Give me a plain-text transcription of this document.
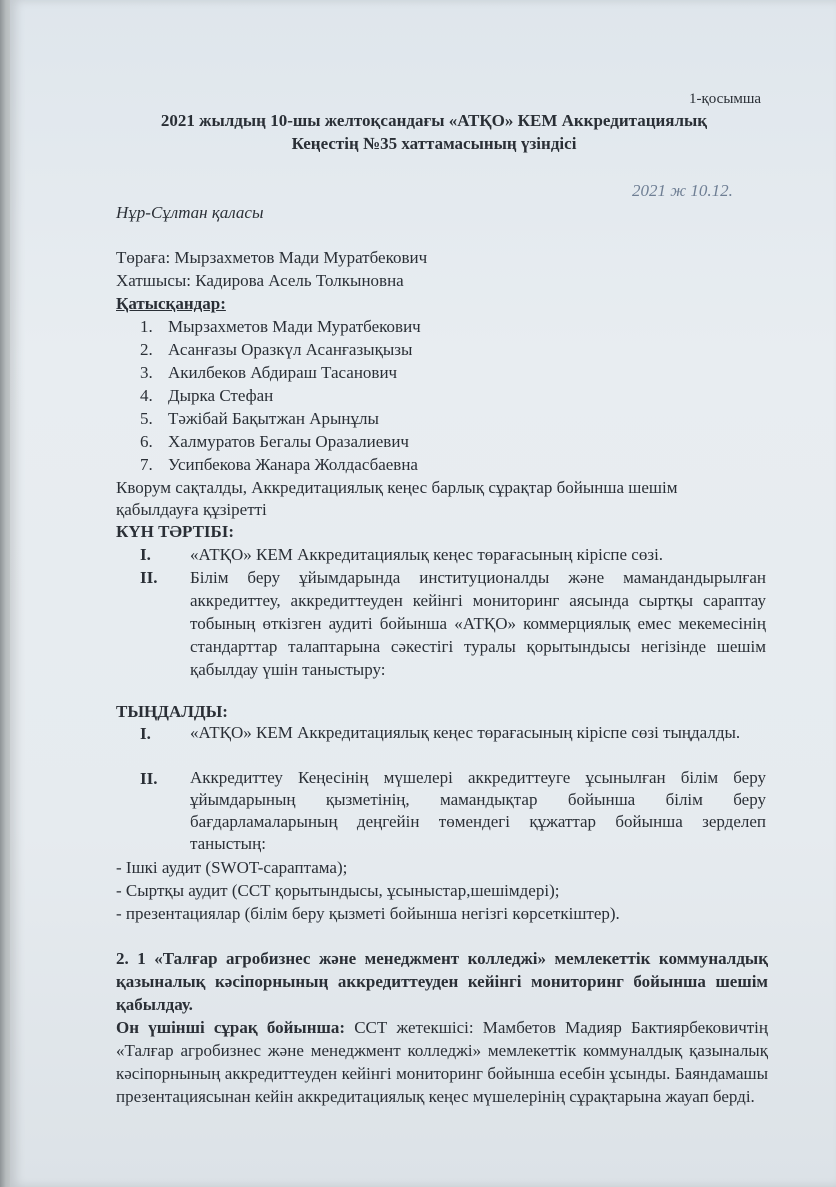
1-қосымша
2021 жылдың 10-шы желтоқсандағы «АТҚО» КЕМ Аккредитациялық
Кеңестің №35 хаттамасының үзіндісі
2021 ж 10.12.
Нұр-Сұлтан қаласы
Төраға: Мырзахметов Мади Муратбекович
Хатшысы: Кадирова Асель Толкыновна
Қатысқандар:
1. Мырзахметов Мади Муратбекович
2. Асанғазы Оразкүл Асанғазықызы
3. Акилбеков Абдираш Тасанович
4. Дырка Стефан
5. Тәжібай Бақытжан Арынұлы
6. Халмуратов Бегалы Оразалиевич
7. Усипбекова Жанара Жолдасбаевна
Кворум сақталды, Аккредитациялық кеңес барлық сұрақтар бойынша шешім
қабылдауға құзіретті
КҮН ТӘРТІБІ:
I. «АТҚО» КЕМ Аккредитациялық кеңес төрағасының кіріспе сөзі.
II. Білім беру ұйымдарында институционалды және мамандандырылған аккредиттеу, аккредиттеуден кейінгі мониторинг аясында сыртқы сараптау тобының өткізген аудиті бойынша «АТҚО» коммерциялық емес мекемесінің стандарттар талаптарына сәкестігі туралы қорытындысы негізінде шешім қабылдау үшін таныстыру:
ТЫҢДАЛДЫ:
I. «АТҚО» КЕМ Аккредитациялық кеңес төрағасының кіріспе сөзі тыңдалды.
II. Аккредиттеу Кеңесінің мүшелері аккредиттеуге ұсынылған білім беру ұйымдарының қызметінің, мамандықтар бойынша білім беру бағдарламаларының деңгейін төмендегі құжаттар бойынша зерделеп таныстың:
- Ішкі аудит (SWOT-сараптама);
- Сыртқы аудит (ССТ қорытындысы, ұсыныстар,шешімдері);
- презентациялар (білім беру қызметі бойынша негізгі көрсеткіштер).
2. 1 «Талғар агробизнес және менеджмент колледжі» мемлекеттік коммуналдық қазыналық кәсіпорнының аккредиттеуден кейінгі мониторинг бойынша шешім қабылдау.
Он үшінші сұрақ бойынша: ССТ жетекшісі: Мамбетов Мадияр Бактиярбековичтің «Талғар агробизнес және менеджмент колледжі» мемлекеттік коммуналдық қазыналық кәсіпорнының аккредиттеуден кейінгі мониторинг бойынша есебін ұсынды. Баяндамашы презентациясынан кейін аккредитациялық кеңес мүшелерінің сұрақтарына жауап берді.
